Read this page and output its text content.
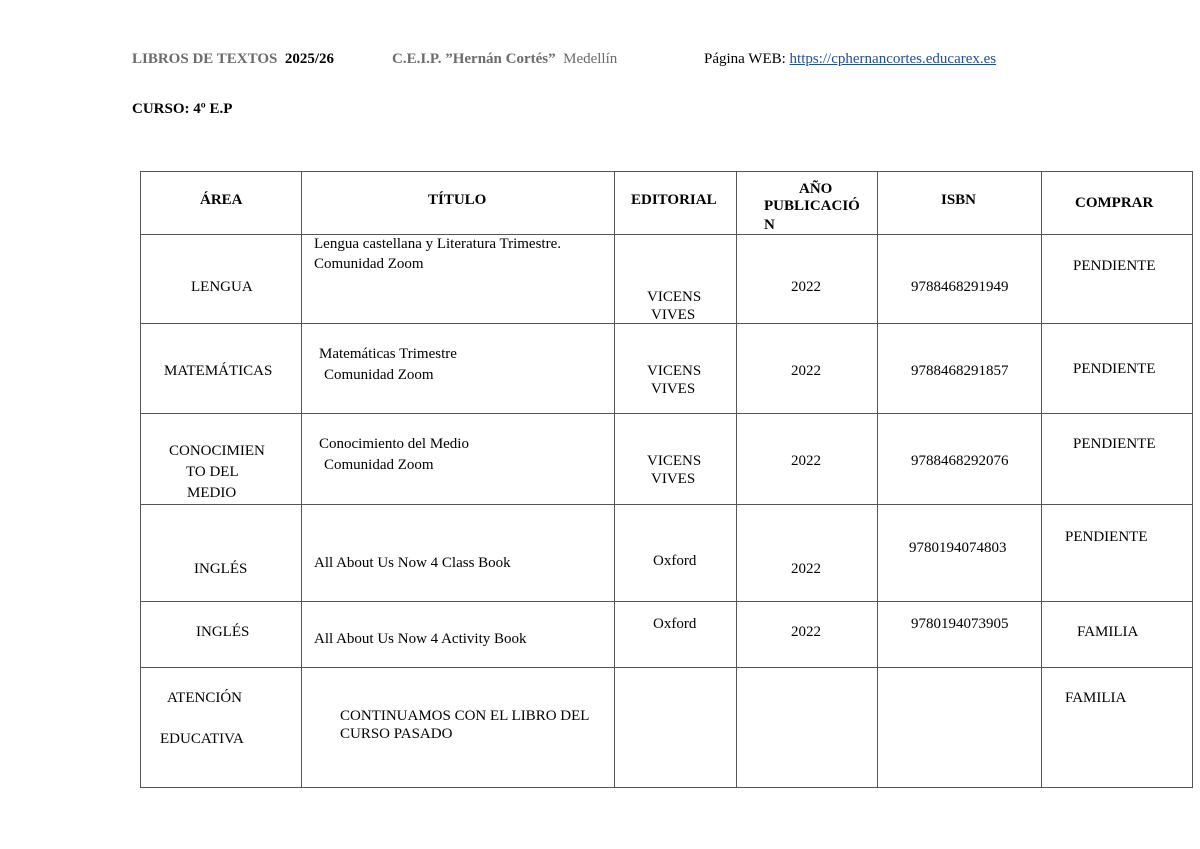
LIBROS DE TEXTOS 2025/26	C.E.I.P. ”Hernán Cortés” Medellín	Página WEB: https://cphernancortes.educarex.es
CURSO: 4º E.P
ÁREA	TÍTULO	EDITORIAL	AÑO
PUBLICACIÓ
N	ISBN	COMPRAR

LENGUA	Lengua castellana y Literatura Trimestre.
Comunidad Zoom	VICENS
VIVES	2022	9788468291949	PENDIENTE

MATEMÁTICAS	Matemáticas Trimestre
Comunidad Zoom	VICENS
VIVES	2022	9788468291857	PENDIENTE

CONOCIMIEN
TO DEL
MEDIO	Conocimiento del Medio
Comunidad Zoom	VICENS
VIVES	2022	9788468292076	PENDIENTE

INGLÉS	All About Us Now 4 Class Book	Oxford	2022	9780194074803	PENDIENTE

INGLÉS	All About Us Now 4 Activity Book	Oxford	2022	9780194073905	FAMILIA

ATENCIÓN
EDUCATIVA	CONTINUAMOS CON EL LIBRO DEL
CURSO PASADO				FAMILIA
